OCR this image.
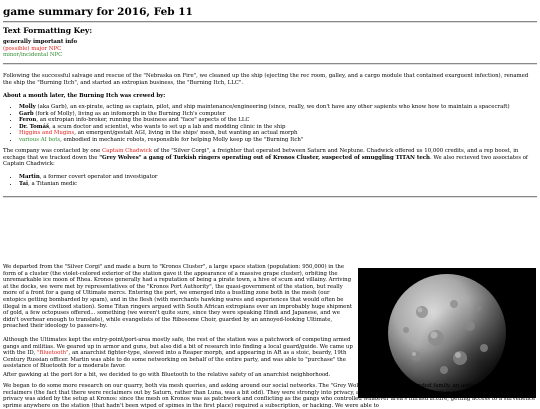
game summary for 2016, Feb 11
Text Formatting Key:
generally important info
(possible) major NPC
minor/incidental NPC

Following the successful salvage and rescue of the "Nebraska on Fire", we cleaned up the ship (ejecting the rec room, galley, and a cargo module that contained exarguent infection), renamed the ship the "Burning Itch", and started an extropian business, the "Burning Itch, LLC".

About a month later, the Burning Itch was crewed by:
• Molly (aka Garb), an ex-pirate, acting as captain, pilot, and ship maintenance/engineering (since, really, we don't have any other sapients who know how to maintain a spacecraft)
• Garb (fork of Molly), living as an infomorph in the Burning Itch's computer
• Feron, an extropian info-broker, running the business and "face" aspects of the LLC
• Dr. Tomáš, a scum doctor and scientist, who wants to set up a lab and modding clinic in the ship
• Higgins and Mugins, an emergent/gestalt AGI, living in the ships' mesh, but wanting an actual morph
• various AI bots, embodied in mechanic robots, responsible for helping Molly keep up the "Burning Itch"

The company was contacted by one Captain Chadwick of the "Silver Corgi", a freighter that operated between Saturn and Neptune. Chadwick offered us 10,000 credits, and a rep boost, in exchage that we tracked down the "Grey Wolves" a gang of Turkish ringers operating out of Kronos Cluster, suspected of smuggling TITAN tech. We also recieved two associates of Captain Chadwick:

• Martin, a former covert operator and investigator
• Tai, a Titanian medic

We departed from the "Silver Corgi" and made a burn to "Kronos Cluster", a large space station (population: 950,000) in the form of a cluster (the violet-colored exterior of the station gave it the appearance of a massive grape cluster), orbiting the unremarkable ice moon of Rhea. Kronos generally had a reputation of being a pirate town, a hive of scum and villainy. Arriving at the docks, we were met by representatives of the "Kronos Port Authority", the quasi-government of the station, but really more of a front for a gang of Ultimate mercs. Entering the port, we emerged into a bustling zone both in the mesh (our entopics getting bombarded by spam), and in the flesh (with merchants hawking wares and experiences that would often be illegal in a more civilized station). Some Titan ringers argued with South African extropians over an improbably huge shipment of gold, a few octopuses offered... something (we weren't quite sure, since they were speaking Hindi and Japanese, and we didn't overhear enough to translate), while evangelists of the Ribosome Choir, guarded by an annoyed-looking Ultimate, preached their ideology to passers-by.

Although the Ultimates kept the entry-point/port-area mostly safe, the rest of the station was a patchwork of competing armed gangs and militias. We geared up in armor and guns, but also did a bit of research into finding a local guard/guide. We came up with the ID, "Bluetooth", an anarchist fighter-type, sleeved into a Reaper morph, and appearing in AR as a stoic, beardy, 19th Century Russian officer. Martin was able to do some networking on behalf of the entire party, and was able to "purchase" the assistance of Bluetooth for a moderate favor.

After gawking at the port for a bit, we decided to go with Bluetooth to the relative safety of an anarchist neighborhood.

We began to do some more research on our quarry, both via mesh queries, and asking around our social networks. The "Grey Wolves" are a sort of extended family, an authentic clade of Turkish reclaimers (the fact that there were reclaimers out by Saturn, rather than Luna, was a bit odd). They were strongly into privacy, and their metadata was difficult to come by. Their desire for privacy was aided by the setup at Kronos: since the mesh on Kronos was as patchwork and conflicting as the gangs who controlled whatever area's infrastructure, getting access to a surveilence sprime anywhere on the station (that hadn't been wiped of spimes in the first place) required a subscription, or hacking. We were able to
